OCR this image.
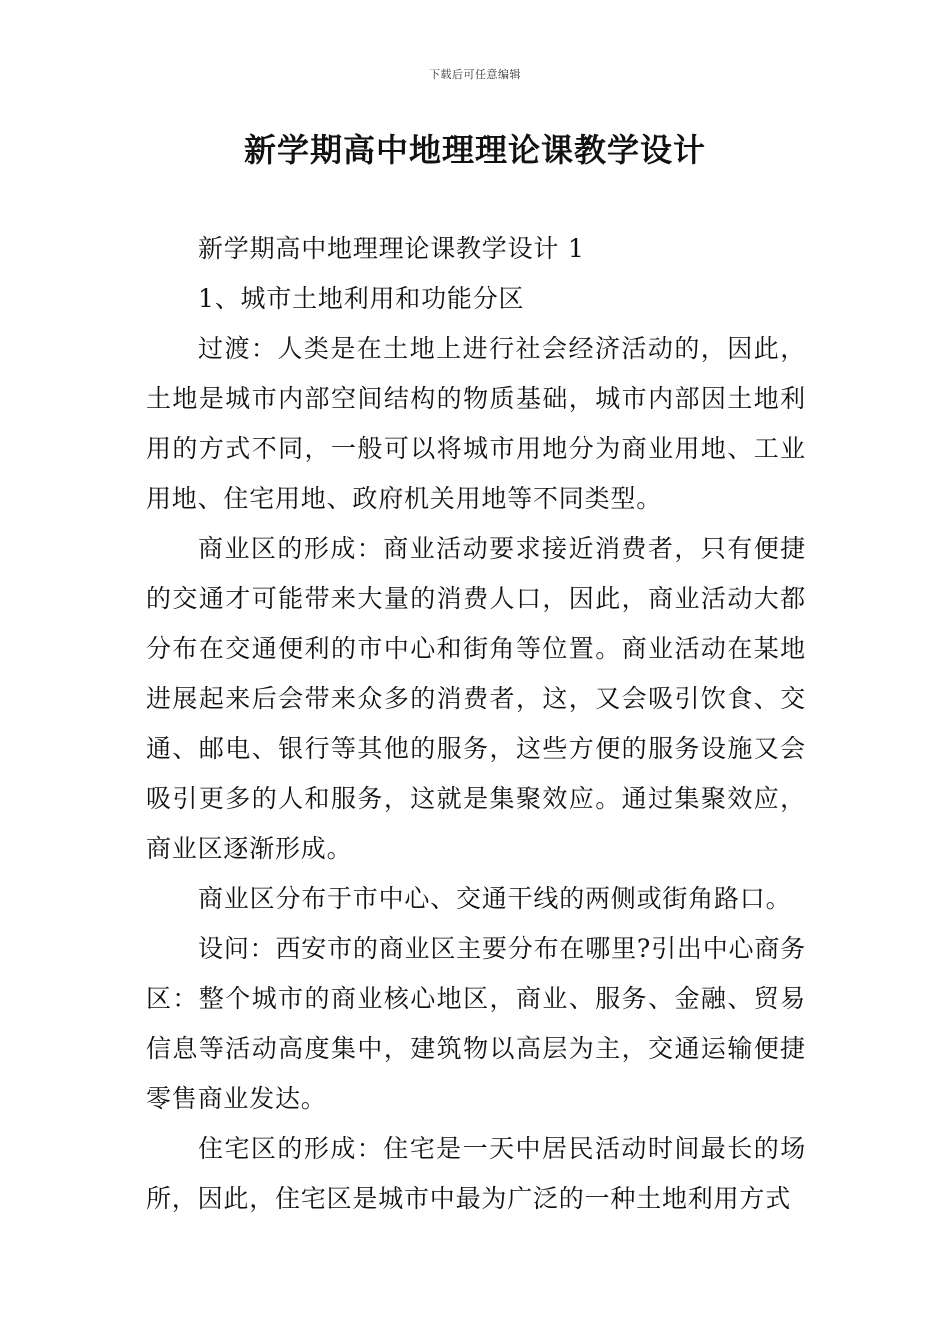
下载后可任意编辑
新学期高中地理理论课教学设计

新学期高中地理理论课教学设计 1

1、城市土地利用和功能分区

过渡：人类是在土地上进行社会经济活动的，因此，土地是城市内部空间结构的物质基础，城市内部因土地利用的方式不同，一般可以将城市用地分为商业用地、工业用地、住宅用地、政府机关用地等不同类型。

商业区的形成：商业活动要求接近消费者，只有便捷的交通才可能带来大量的消费人口，因此，商业活动大都分布在交通便利的市中心和街角等位置。商业活动在某地进展起来后会带来众多的消费者，这，又会吸引饮食、交通、邮电、银行等其他的服务，这些方便的服务设施又会吸引更多的人和服务，这就是集聚效应。通过集聚效应，商业区逐渐形成。

商业区分布于市中心、交通干线的两侧或街角路口。

设问：西安市的商业区主要分布在哪里?引出中心商务区：整个城市的商业核心地区，商业、服务、金融、贸易信息等活动高度集中，建筑物以高层为主，交通运输便捷零售商业发达。

住宅区的形成：住宅是一天中居民活动时间最长的场所，因此，住宅区是城市中最为广泛的一种土地利用方式
